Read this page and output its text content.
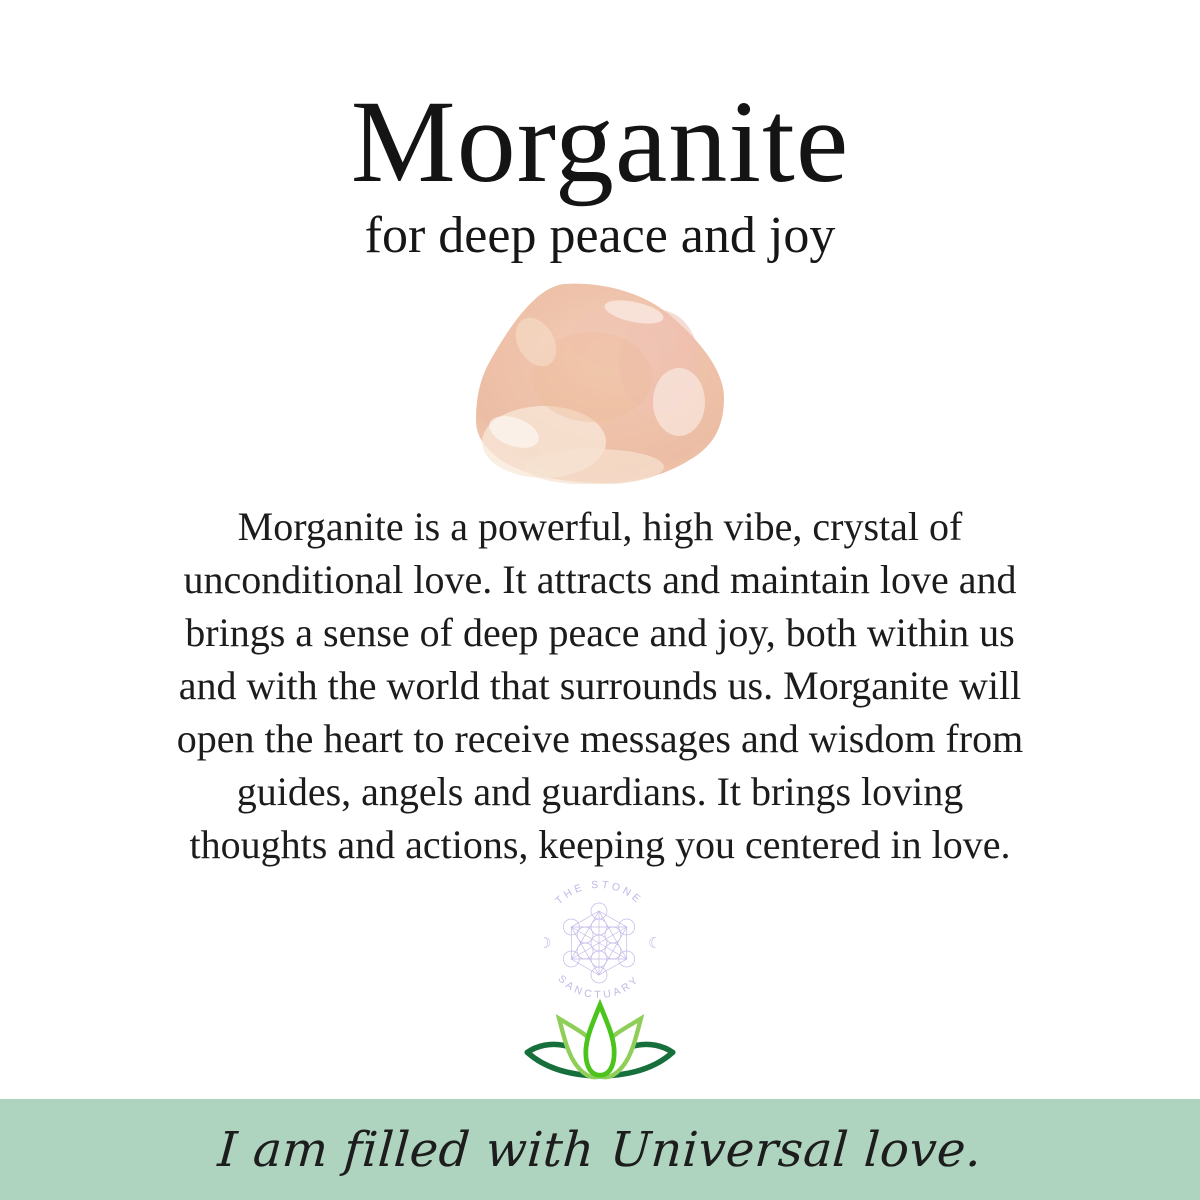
Morganite
for deep peace and joy
Morganite is a powerful, high vibe, crystal of
unconditional love. It attracts and maintain love and
brings a sense of deep peace and joy, both within us
and with the world that surrounds us. Morganite will
open the heart to receive messages and wisdom from
guides, angels and guardians. It brings loving
thoughts and actions, keeping you centered in love.
THE STONE
SANCTUARY
☽	☾
I am filled with Universal love.
